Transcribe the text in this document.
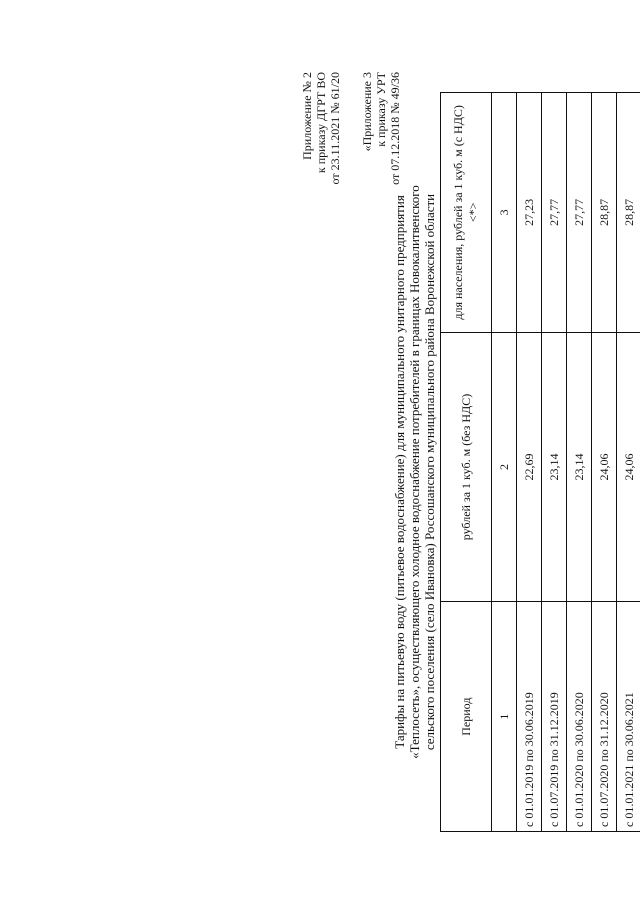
Приложение № 2 к приказу ДГРТ ВО от 23.11.2021 № 61/20 «Приложение 3 к приказу УРТ от 07.12.2018 № 49/36
Тарифы на питьевую воду (питьевое водоснабжение) для муниципального унитарного предприятия «Теплосеть», осуществляющего холодное водоснабжение потребителей в границах Новокалитвенского сельского поселения (село Ивановка) Россошанского муниципального района Воронежской области Период	рублей за 1 куб. м (без НДС)	для населения, рублей за 1 куб. м (с НДС)<*>
1	2	3
с 01.01.2019 по 30.06.2019	22,69	27,23
с 01.07.2019 по 31.12.2019	23,14	27,77
с 01.01.2020 по 30.06.2020	23,14	27,77
с 01.07.2020 по 31.12.2020	24,06	28,87
с 01.01.2021 по 30.06.2021	24,06	28,87
